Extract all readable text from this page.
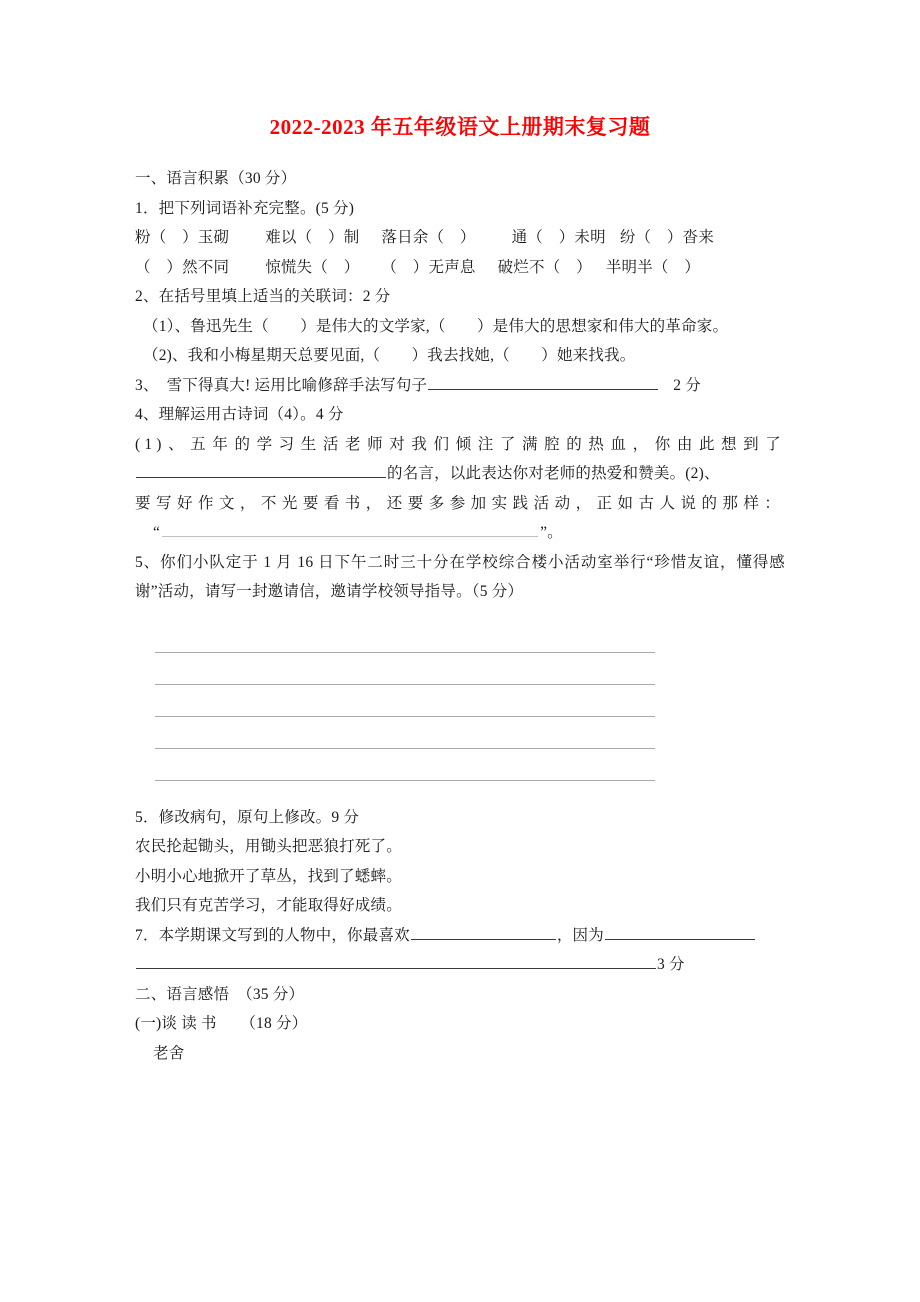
2022-2023 年五年级语文上册期末复习题
一、语言积累（30 分）
1．把下列词语补充完整。(5 分)
粉（　）玉砌 难以（　）制 落日余（　） 通（　）未明 纷（　）沓来
（　）然不同 惊慌失（　） （　）无声息 破烂不（　） 半明半（　）
2、在括号里填上适当的关联词：2 分
（1）、鲁迅先生（　　）是伟大的文学家,（　　）是伟大的思想家和伟大的革命家。
（2)、我和小梅星期天总要见面,（　　）我去找她,（　　）她来找我。
3、　雪下得真大! 运用比喻修辞手法写句子	2 分
4、理解运用古诗词（4）。4 分
(1)、五年的学习生活老师对我们倾注了满腔的热血，你由此想到了
的名言，以此表达你对老师的热爱和赞美。(2)、
要写好作文，不光要看书，还要多参加实践活动，正如古人说的那样：
“	”。
5、你们小队定于 1 月 16 日下午二时三十分在学校综合楼小活动室举行“珍惜友谊，懂得感谢”活动，请写一封邀请信，邀请学校领导指导。（5 分）
5．修改病句，原句上修改。9 分
农民抡起锄头，用锄头把恶狼打死了。
小明小心地掀开了草丛，找到了蟋蟀。
我们只有克苦学习，才能取得好成绩。
7．本学期课文写到的人物中，你最喜欢	，因为
3 分
二、语言感悟　（35 分）
(一)谈 读 书　　（18 分）
老舍
